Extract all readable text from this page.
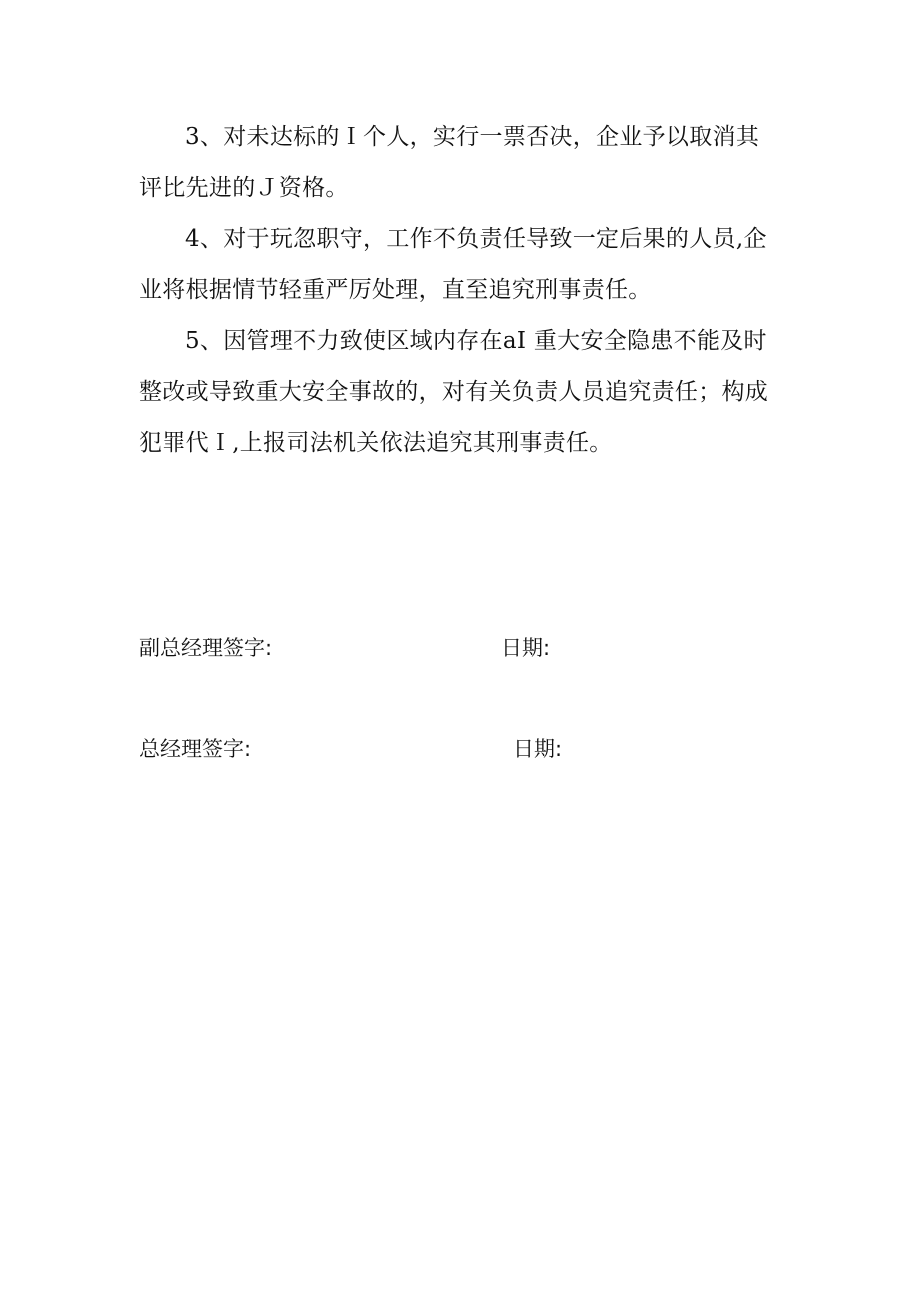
3、对未达标的Ｉ个人，实行一票否决，企业予以取消其评比先进的Ｊ资格。

4、对于玩忽职守，工作不负责任导致一定后果的人员,企业将根据情节轻重严厉处理，直至追究刑事责任。

5、因管理不力致使区域内存在aI 重大安全隐患不能及时整改或导致重大安全事故的，对有关负责人员追究责任；构成犯罪代Ｉ,上报司法机关依法追究其刑事责任。

副总经理签字:	日期:
总经理签字:	日期:
